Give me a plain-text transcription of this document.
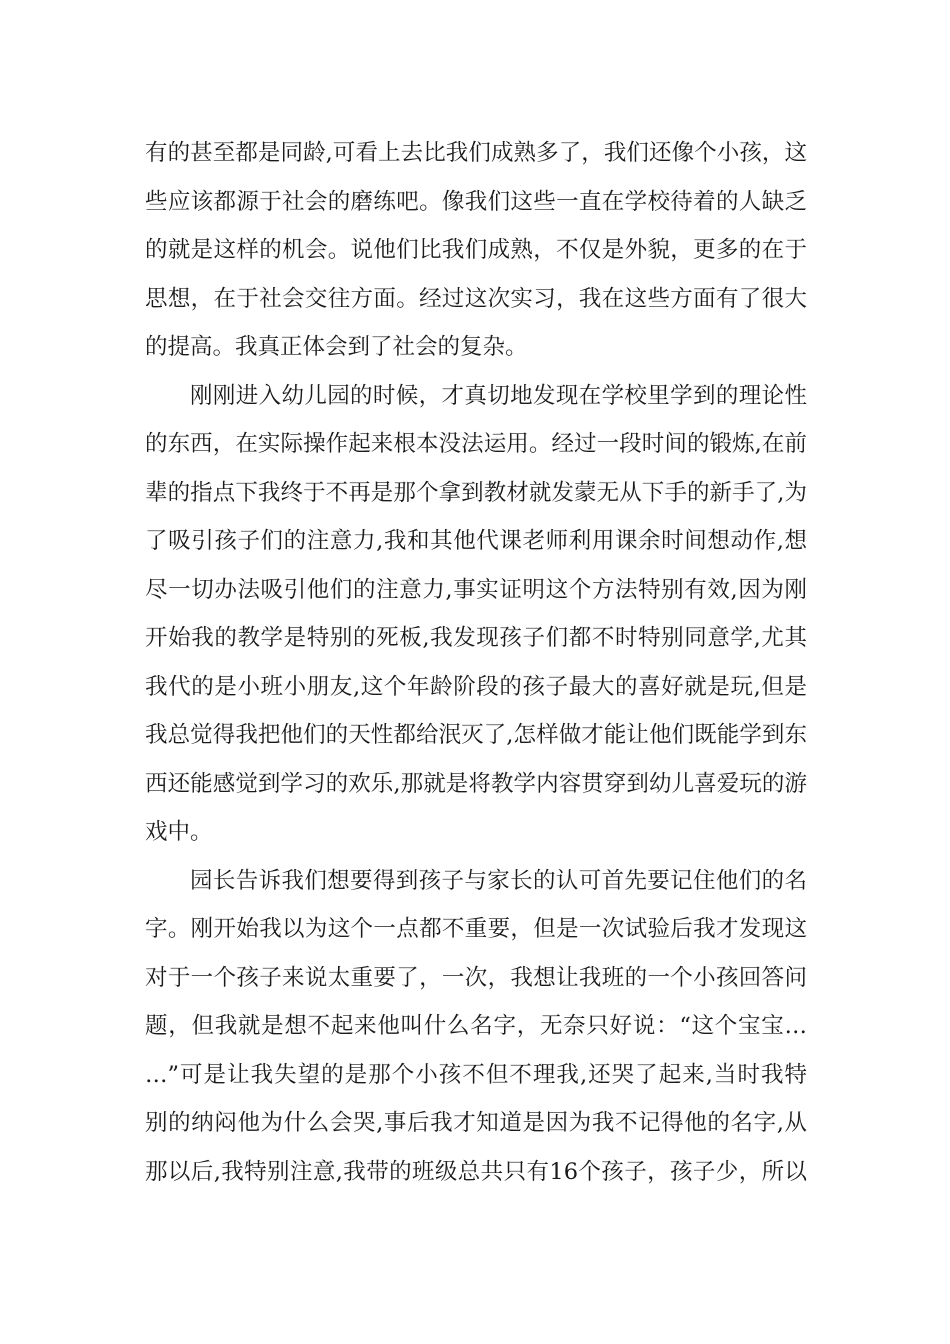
有的甚至都是同龄,可看上去比我们成熟多了，我们还像个小孩，这
些应该都源于社会的磨练吧。像我们这些一直在学校待着的人缺乏
的就是这样的机会。说他们比我们成熟，不仅是外貌，更多的在于
思想，在于社会交往方面。经过这次实习，我在这些方面有了很大
的提高。我真正体会到了社会的复杂。
刚刚进入幼儿园的时候，才真切地发现在学校里学到的理论性
的东西，在实际操作起来根本没法运用。经过一段时间的锻炼,在前
辈的指点下我终于不再是那个拿到教材就发蒙无从下手的新手了,为
了吸引孩子们的注意力,我和其他代课老师利用课余时间想动作,想
尽一切办法吸引他们的注意力,事实证明这个方法特别有效,因为刚
开始我的教学是特别的死板,我发现孩子们都不时特别同意学,尤其
我代的是小班小朋友,这个年龄阶段的孩子最大的喜好就是玩,但是
我总觉得我把他们的天性都给泯灭了,怎样做才能让他们既能学到东
西还能感觉到学习的欢乐,那就是将教学内容贯穿到幼儿喜爱玩的游
戏中。
园长告诉我们想要得到孩子与家长的认可首先要记住他们的名
字。刚开始我以为这个一点都不重要，但是一次试验后我才发现这
对于一个孩子来说太重要了，一次，我想让我班的一个小孩回答问
题，但我就是想不起来他叫什么名字，无奈只好说：“这个宝宝…
…”可是让我失望的是那个小孩不但不理我,还哭了起来,当时我特
别的纳闷他为什么会哭,事后我才知道是因为我不记得他的名字,从
那以后,我特别注意,我带的班级总共只有16个孩子，孩子少，所以
